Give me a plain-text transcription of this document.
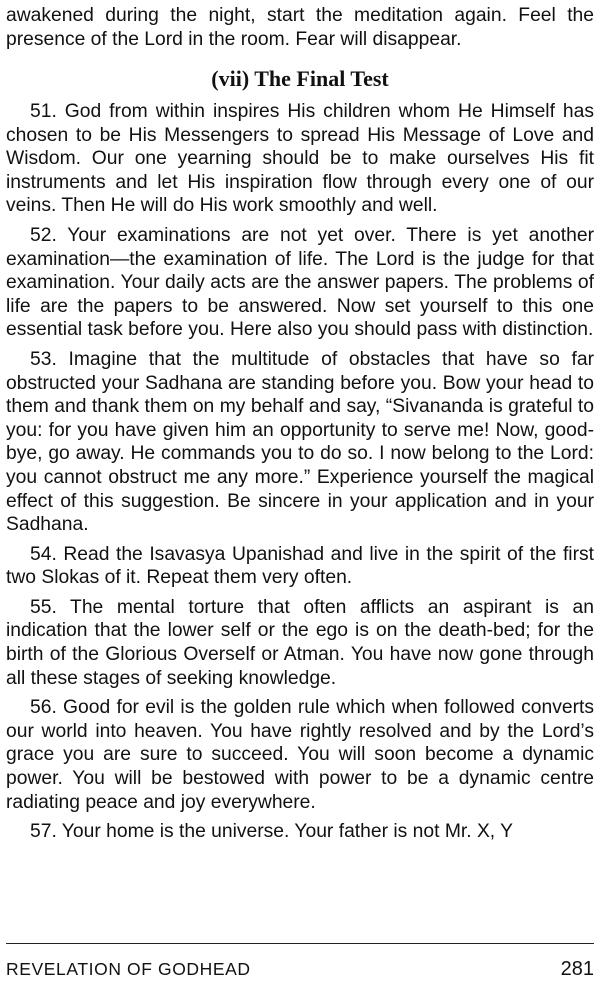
awakened during the night, start the meditation again. Feel the presence of the Lord in the room. Fear will disappear.

(vii) The Final Test

51. God from within inspires His children whom He Himself has chosen to be His Messengers to spread His Message of Love and Wisdom. Our one yearning should be to make ourselves His fit instruments and let His inspiration flow through every one of our veins. Then He will do His work smoothly and well.

52. Your examinations are not yet over. There is yet another examination—the examination of life. The Lord is the judge for that examination. Your daily acts are the answer papers. The problems of life are the papers to be answered. Now set yourself to this one essential task before you. Here also you should pass with distinction.

53. Imagine that the multitude of obstacles that have so far obstructed your Sadhana are standing before you. Bow your head to them and thank them on my behalf and say, “Sivananda is grateful to you: for you have given him an opportunity to serve me! Now, good-bye, go away. He commands you to do so. I now belong to the Lord: you cannot obstruct me any more.” Experience yourself the magical effect of this suggestion. Be sincere in your application and in your Sadhana.

54. Read the Isavasya Upanishad and live in the spirit of the first two Slokas of it. Repeat them very often.

55. The mental torture that often afflicts an aspirant is an indication that the lower self or the ego is on the death-bed; for the birth of the Glorious Overself or Atman. You have now gone through all these stages of seeking knowledge.

56. Good for evil is the golden rule which when followed converts our world into heaven. You have rightly resolved and by the Lord’s grace you are sure to succeed. You will soon become a dynamic power. You will be bestowed with power to be a dynamic centre radiating peace and joy everywhere.

57. Your home is the universe. Your father is not Mr. X, Y

REVELATION OF GODHEAD	281
